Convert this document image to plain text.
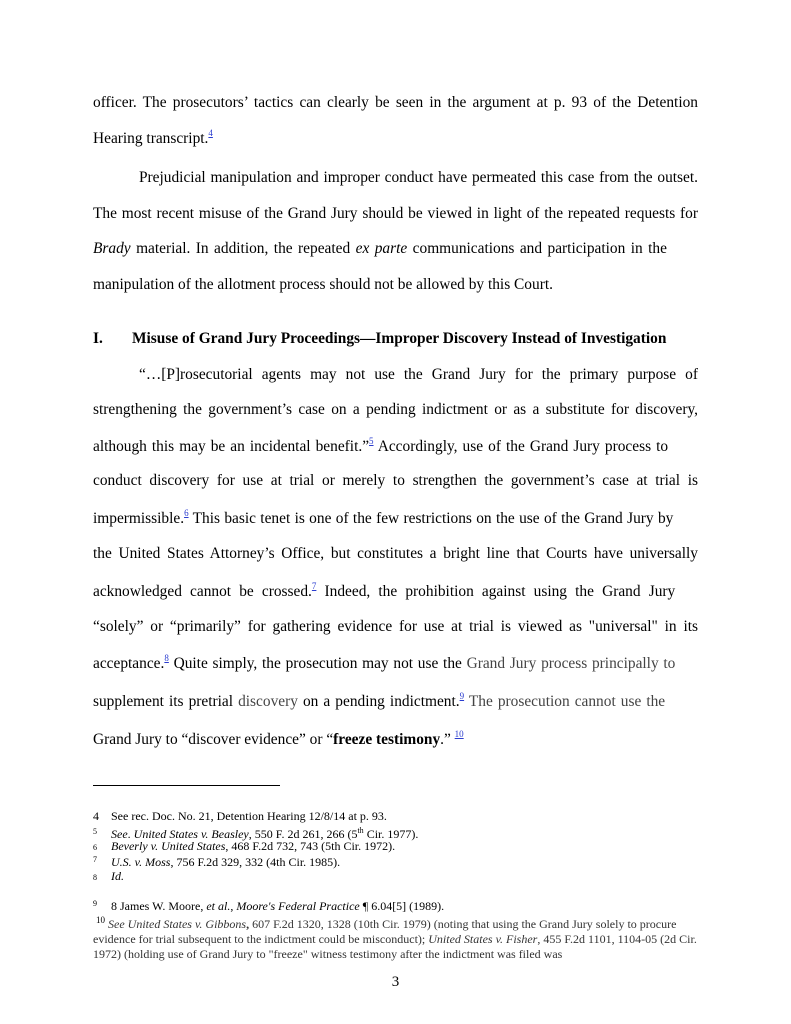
officer. The prosecutors’ tactics can clearly be seen in the argument at p. 93 of the Detention
Hearing transcript.$^4$
Prejudicial manipulation and improper conduct have permeated this case from the outset.
The most recent misuse of the Grand Jury should be viewed in light of the repeated requests for
Brady material. In addition, the repeated ex parte communications and participation in the
manipulation of the allotment process should not be allowed by this Court.
I. Misuse of Grand Jury Proceedings—Improper Discovery Instead of Investigation
“…[P]rosecutorial agents may not use the Grand Jury for the primary purpose of
strengthening the government’s case on a pending indictment or as a substitute for discovery,
although this may be an incidental benefit.”$^5$ Accordingly, use of the Grand Jury process to
conduct discovery for use at trial or merely to strengthen the government’s case at trial is
impermissible.$^6$ This basic tenet is one of the few restrictions on the use of the Grand Jury by
the United States Attorney’s Office, but constitutes a bright line that Courts have universally
acknowledged cannot be crossed.$^7$ Indeed, the prohibition against using the Grand Jury
“solely” or “primarily” for gathering evidence for use at trial is viewed as "universal" in its
acceptance.$^8$ Quite simply, the prosecution may not use the Grand Jury process principally to
supplement its pretrial discovery on a pending indictment.$^9$ The prosecution cannot use the
Grand Jury to “discover evidence” or “freeze testimony.” $^{10}$
4 See rec. Doc. No. 21, Detention Hearing 12/8/14 at p. 93.
5 See. United States v. Beasley, 550 F. 2d 261, 266 (5th Cir. 1977).
6 Beverly v. United States, 468 F.2d 732, 743 (5th Cir. 1972).
7 U.S. v. Moss, 756 F.2d 329, 332 (4th Cir. 1985).
8 Id.
9 8 James W. Moore, et al., Moore's Federal Practice ¶ 6.04[5] (1989).
$^{10}$ See United States v. Gibbons, 607 F.2d 1320, 1328 (10th Cir. 1979) (noting that using the Grand Jury solely to procure evidence for trial subsequent to the indictment could be misconduct); United States v. Fisher, 455 F.2d 1101, 1104-05 (2d Cir. 1972) (holding use of Grand Jury to "freeze" witness testimony after the indictment was filed was
3
